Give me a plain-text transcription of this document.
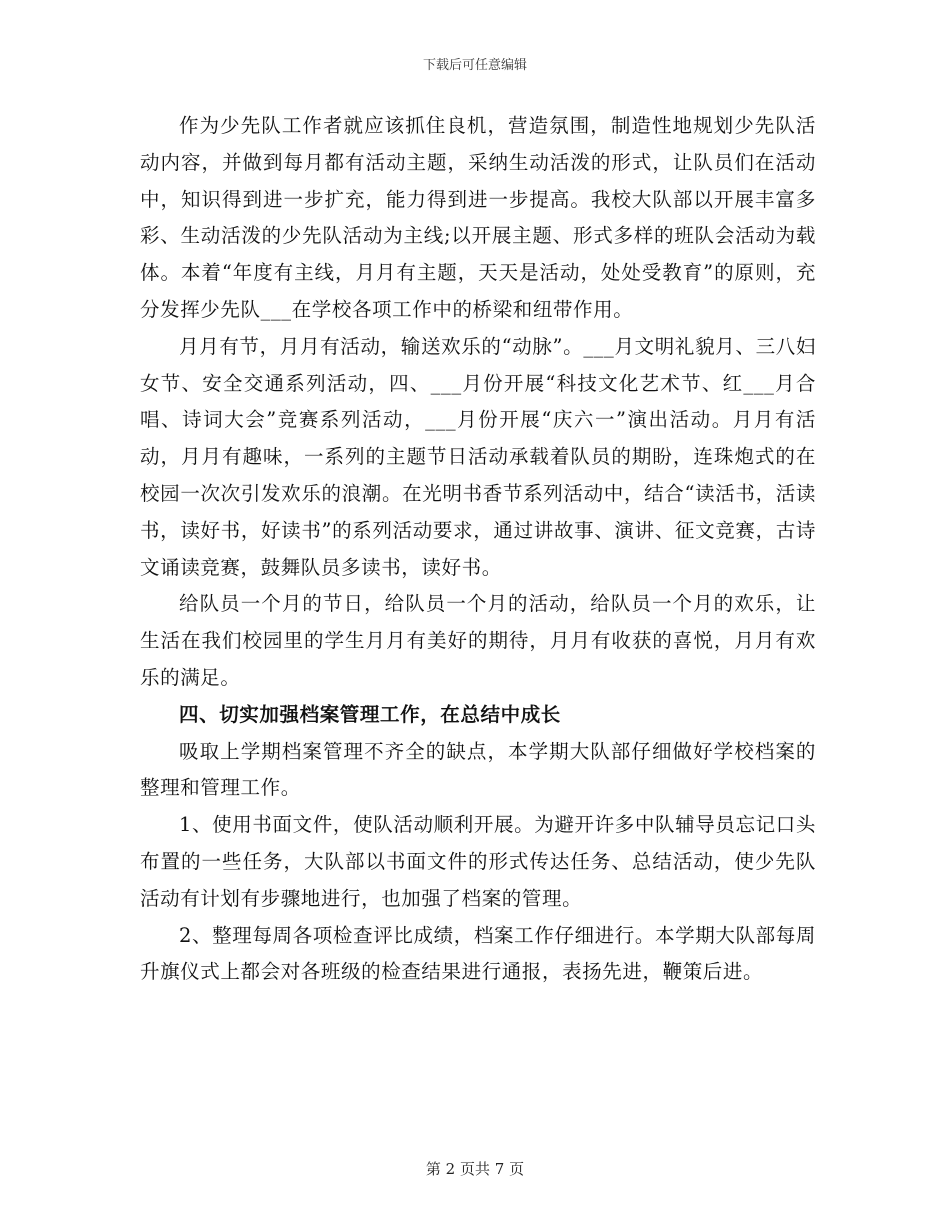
下载后可任意编辑

作为少先队工作者就应该抓住良机，营造氛围，制造性地规划少先队活动内容，并做到每月都有活动主题，采纳生动活泼的形式，让队员们在活动中，知识得到进一步扩充，能力得到进一步提高。我校大队部以开展丰富多彩、生动活泼的少先队活动为主线;以开展主题、形式多样的班队会活动为载体。本着“年度有主线，月月有主题，天天是活动，处处受教育”的原则，充分发挥少先队___在学校各项工作中的桥梁和纽带作用。

月月有节，月月有活动，输送欢乐的“动脉”。___月文明礼貌月、三八妇女节、安全交通系列活动，四、___月份开展“科技文化艺术节、红___月合唱、诗词大会”竞赛系列活动，___月份开展“庆六一”演出活动。月月有活动，月月有趣味，一系列的主题节日活动承载着队员的期盼，连珠炮式的在校园一次次引发欢乐的浪潮。在光明书香节系列活动中，结合“读活书，活读书，读好书，好读书”的系列活动要求，通过讲故事、演讲、征文竞赛，古诗文诵读竞赛，鼓舞队员多读书，读好书。

给队员一个月的节日，给队员一个月的活动，给队员一个月的欢乐，让生活在我们校园里的学生月月有美好的期待，月月有收获的喜悦，月月有欢乐的满足。

四、切实加强档案管理工作，在总结中成长

吸取上学期档案管理不齐全的缺点，本学期大队部仔细做好学校档案的整理和管理工作。

1、使用书面文件，使队活动顺利开展。为避开许多中队辅导员忘记口头布置的一些任务，大队部以书面文件的形式传达任务、总结活动，使少先队活动有计划有步骤地进行，也加强了档案的管理。

2、整理每周各项检查评比成绩，档案工作仔细进行。本学期大队部每周升旗仪式上都会对各班级的检查结果进行通报，表扬先进，鞭策后进。

第 2 页共 7 页
